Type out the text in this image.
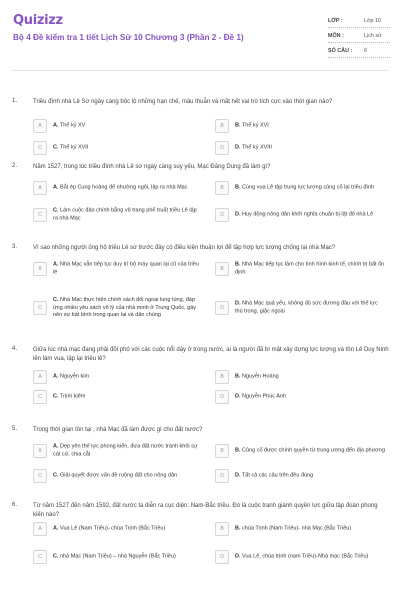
Quizizz
Bộ 4 Đề kiểm tra 1 tiết Lịch Sử 10 Chương 3 (Phần 2 - Đề 1)
LỚP :	Lớp 10
MÔN :	Lịch sử
SỐ CÂU : 6
1.	Triều đình nhà Lê Sơ ngày càng bộc lộ những hạn chế, mâu thuẫn và mất hết vai trò tích cực vào thời gian nào?
A	A. Thế kỷ XV	B	B. Thế kỷ XVI
C	C. Thế kỷ XVII	D	D. Thế kỷ XVIII
2.	Năm 1527, trong lúc triều đình nhà Lê sơ ngày càng suy yếu, Mạc Đăng Dung đã làm gì?
A	A. Bắt ép Cung hoàng đế nhường ngôi, lập ra nhà Mạc	B	B. Cùng vua Lê tập trung lực lượng củng cố lại triều đình
C
C. Làm cuộc đảo chính bằng vũ trang phế truất triều Lê lập ra nhà Mạc	D	D. Huy động nông dân khởi nghĩa chuẩn bị lật đổ nhà Lê
3.	Vì sao những người ủng hộ triều Lê sơ trước đây có điều kiện thuận lợi để tập hợp lực lượng chống lại nhà Mạc?
A
A. Nhà Mạc vẫn tiếp tục duy trì bộ máy quan lại cũ của triều lê	B
B. Nhà Mạc tiếp tục làm cho tình hình kinh tế, chính trị bất ổn định
C
C. Nhà Mạc thực hiện chính sách đối ngoại lung túng, đáp ứng nhiều yêu sách vô lý của nhà minh ở Trung Quốc, gây nên sự bất bình trong quan lại và dân chúng
D
D. Nhà Mạc quá yếu, không đủ sức đương đầu với thế lực thù trong, giặc ngoài
4.	Giữa lúc nhà mạc đang phải đối phó với các cuộc nổi dậy ở trong nước, ai là người đã bí mật xây dựng lực lượng và tôn Lê Duy Ninh lên làm vua, lập lại triều lê?
A	A. Nguyễn kim	B	B. Nguyễn Hoàng
C	C. Trịnh kiểm	D	D. Nguyễn Phúc Anh
5.	Trong thời gian tồn tại , nhà Mạc đã làm được gì cho đất nước?
A
A. Dẹp yên thế lực phong kiến, đưa đất nước tránh khỏi sự cát cứ, chia cắt	B	B. Củng cố được chính quyền từ trung ương đến địa phương
C	C. Giải quyết được vấn đề ruộng đất cho nông dân	D	D. Tất cả các câu trên đều đúng
6.	Từ năm 1527 đến năm 1592, đất nước ta diễn ra cục diện: Nam-Bắc triều. Đó là cuộc tranh giành quyền lực giữa tập đoàn phong kiến nào?
A	A. Vua Lê (Nam Triều)- chúa Trịnh (Bắc Triều)	B	B. chúa Trịnh (Nam Triều)- nhà Mạc (Bắc Triều)
C	C. nhà Mạc (Nam Triều) – nhà Nguyễn (Bắc Triều)	D	D. Vua Lê, chúa trịnh (nam Triều)-Nhà mạc (Bắc Triều)
